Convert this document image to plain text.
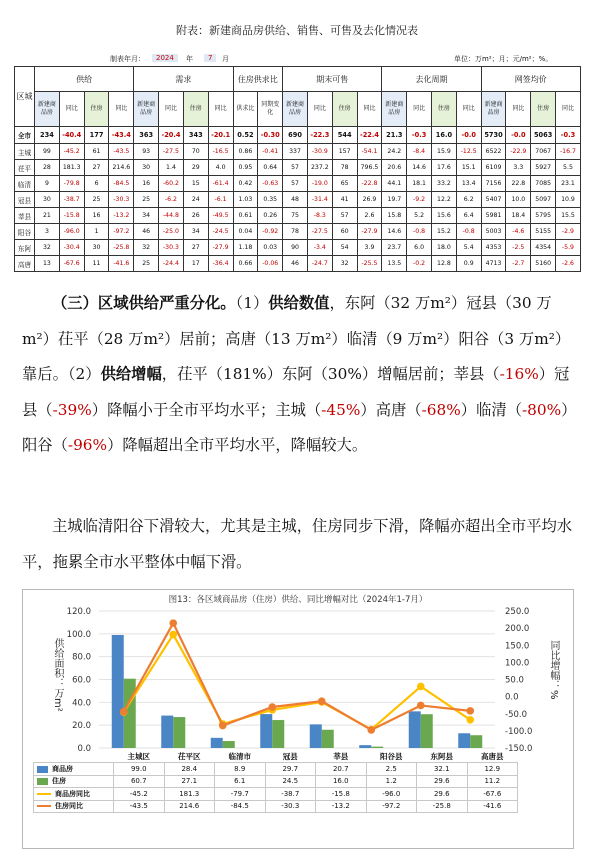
附表：新建商品房供给、销售、可售及去化情况表
制表年月：	2024	年	7	月	单位：万m²；月；元/m²；%。
区城	供给				需求				住房供求比		期末可售				去化周期				网签均价			
	新建商品房	同比	住房	同比	新建商品房	同比	住房	同比	供求比	同期变化	新建商品房	同比	住房	同比	新建商品房	同比	住房	同比	新建商品房	同比	住房	同比
全市	234	-40.4	177	-43.4	363	-20.4	343	-20.1	0.52	-0.30	690	-22.3	544	-22.4	21.3	-0.3	16.0	-0.0	5730	-0.0	5063	-0.3
主城	99	-45.2	61	-43.5	93	-27.5	70	-16.5	0.86	-0.41	337	-30.9	157	-54.1	24.2	-8.4	15.9	-12.5	6522	-22.9	7067	-16.7
茌平	28	181.3	27	214.6	30	1.4	29	4.0	0.95	0.64	57	237.2	78	796.5	20.6	14.6	17.6	15.1	6109	3.3	5927	5.5
临清	9	-79.8	6	-84.5	16	-60.2	15	-61.4	0.42	-0.63	57	-19.0	65	-22.8	44.1	18.1	33.2	13.4	7156	22.8	7085	23.1
冠县	30	-38.7	25	-30.3	25	-6.2	24	-6.1	1.03	0.35	48	-31.4	41	26.9	19.7	-9.2	12.2	6.2	5407	10.0	5097	10.9
莘县	21	-15.8	16	-13.2	34	-44.8	26	-49.5	0.61	0.26	75	-8.3	57	2.6	15.8	5.2	15.6	6.4	5981	18.4	5795	15.5
阳谷	3	-96.0	1	-97.2	46	-25.0	34	-24.5	0.04	-0.92	78	-27.5	60	-27.9	14.6	-0.8	15.2	-0.8	5003	-4.6	5155	-2.9
东阿	32	-30.4	30	-25.8	32	-30.3	27	-27.9	1.18	0.03	90	-3.4	54	3.9	23.7	6.0	18.0	5.4	4353	-2.5	4354	-5.9
高唐	13	-67.6	11	-41.6	25	-24.4	17	-36.4	0.66	-0.06	46	-24.7	32	-25.5	13.5	-0.2	12.8	0.9	4713	-2.7	5160	-2.6
（三）区域供给严重分化。（1）供给数值，东阿（32 万m²）冠县（30 万m²）茌平（28 万m²）居前；高唐（13 万m²）临清（9 万m²）阳谷（3 万m²）靠后。（2）供给增幅，茌平（181%）东阿（30%）增幅居前；莘县（-16%）冠县（-39%）降幅小于全市平均水平；主城（-45%）高唐（-68%）临清（-80%）阳谷（-96%）降幅超出全市平均水平，降幅较大。
主城临清阳谷下滑较大，尤其是主城，住房同步下滑，降幅亦超出全市平均水平，拖累全市水平整体中幅下滑。
图13：各区域商品房（住房）供给、同比增幅对比（2024年1-7月）
120.0
100.0
80.0
60.0
40.0
20.0
0.0
250.0
200.0
150.0
100.0
50.0
0.0
-50.0
-100.0
-150.0
供给面积：万m²	同比增幅：%
	主城区	茌平区	临清市	冠县	莘县	阳谷县	东阿县	高唐县
商品房	99.0	28.4	8.9	29.7	20.7	2.5	32.1	12.9
住房	60.7	27.1	6.1	24.5	16.0	1.2	29.6	11.2
商品房同比	-45.2	181.3	-79.7	-38.7	-15.8	-96.0	29.6	-67.6
住房同比	-43.5	214.6	-84.5	-30.3	-13.2	-97.2	-25.8	-41.6
